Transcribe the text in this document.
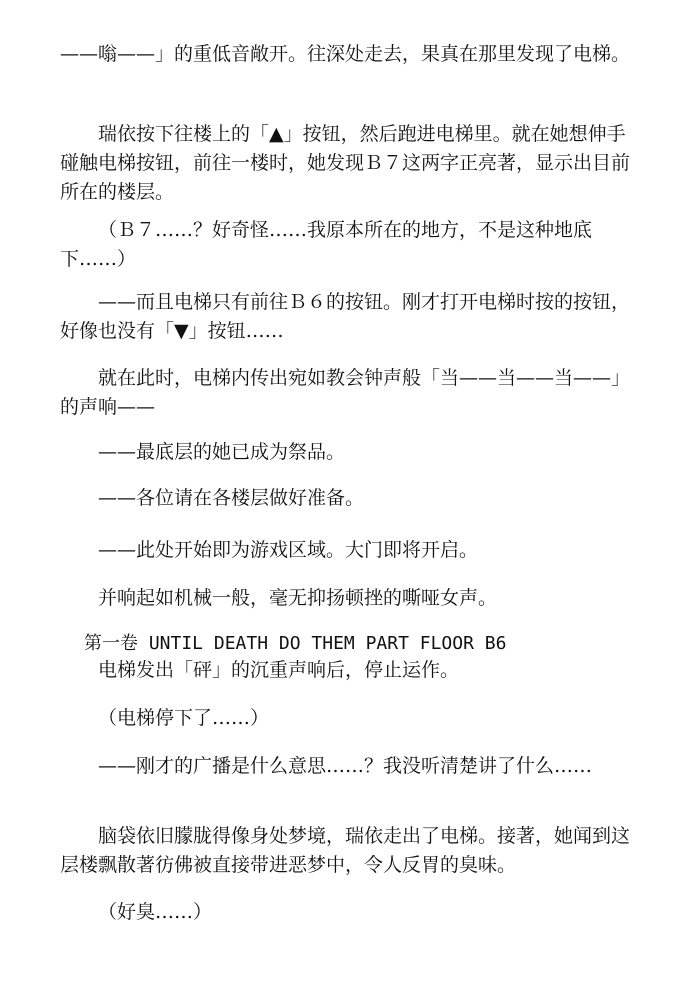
——嗡——」的重低音敞开。往深处走去，果真在那里发现了电梯。

瑞依按下往楼上的「▲」按钮，然后跑进电梯里。就在她想伸手碰触电梯按钮，前往一楼时，她发现Ｂ７这两字正亮著，显示出目前所在的楼层。

（Ｂ７……？好奇怪……我原本所在的地方，不是这种地底下……）

——而且电梯只有前往Ｂ６的按钮。刚才打开电梯时按的按钮，好像也没有「▼」按钮……

就在此时，电梯内传出宛如教会钟声般「当——当——当——」的声响——

——最底层的她已成为祭品。

——各位请在各楼层做好准备。

——此处开始即为游戏区域。大门即将开启。

并响起如机械一般，毫无抑扬顿挫的嘶哑女声。

第一卷 UNTIL DEATH DO THEM PART FLOOR B6

电梯发出「砰」的沉重声响后，停止运作。

（电梯停下了……）

——刚才的广播是什么意思……？我没听清楚讲了什么……

脑袋依旧朦胧得像身处梦境，瑞依走出了电梯。接著，她闻到这层楼飘散著彷佛被直接带进恶梦中，令人反胃的臭味。

（好臭……）
